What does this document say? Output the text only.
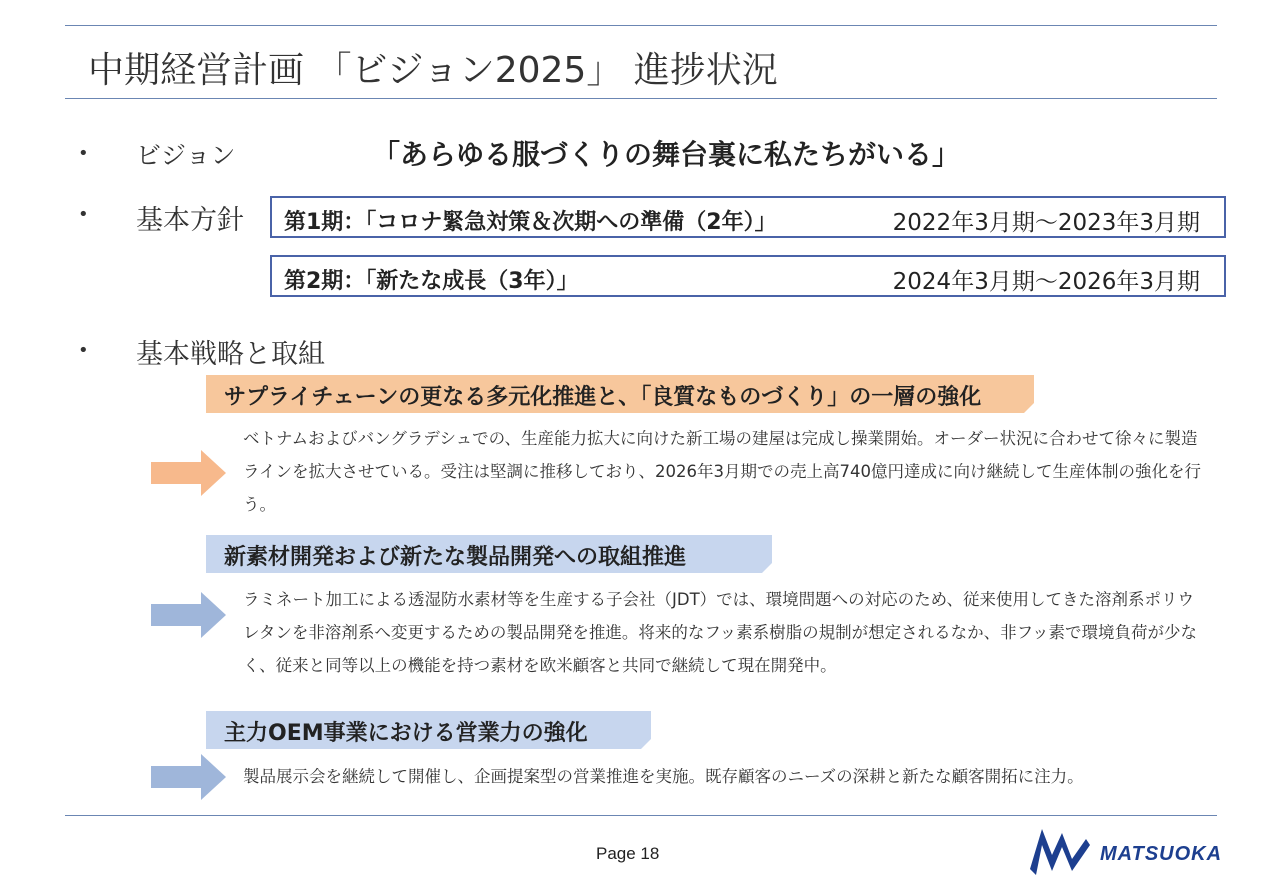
中期経営計画 「ビジョン2025」 進捗状況
• ビジョン	「あらゆる服づくりの舞台裏に私たちがいる」
• 基本方針 第1期：「コロナ緊急対策＆次期への準備（2年）」	2022年3月期～2023年3月期
第2期：「新たな成長（3年）」	2024年3月期～2026年3月期
• 基本戦略と取組
サプライチェーンの更なる多元化推進と、「良質なものづくり」の一層の強化
ベトナムおよびバングラデシュでの、生産能力拡大に向けた新工場の建屋は完成し操業開始。オーダー状況に合わせて徐々に製造ラインを拡大させている。受注は堅調に推移しており、2026年3月期での売上高740億円達成に向け継続して生産体制の強化を行う。
新素材開発および新たな製品開発への取組推進
ラミネート加工による透湿防水素材等を生産する子会社（JDT）では、環境問題への対応のため、従来使用してきた溶剤系ポリウレタンを非溶剤系へ変更するための製品開発を推進。将来的なフッ素系樹脂の規制が想定されるなか、非フッ素で環境負荷が少なく、従来と同等以上の機能を持つ素材を欧米顧客と共同で継続して現在開発中。
主力OEM事業における営業力の強化
製品展示会を継続して開催し、企画提案型の営業推進を実施。既存顧客のニーズの深耕と新たな顧客開拓に注力。
Page 18	MATSUOKA
